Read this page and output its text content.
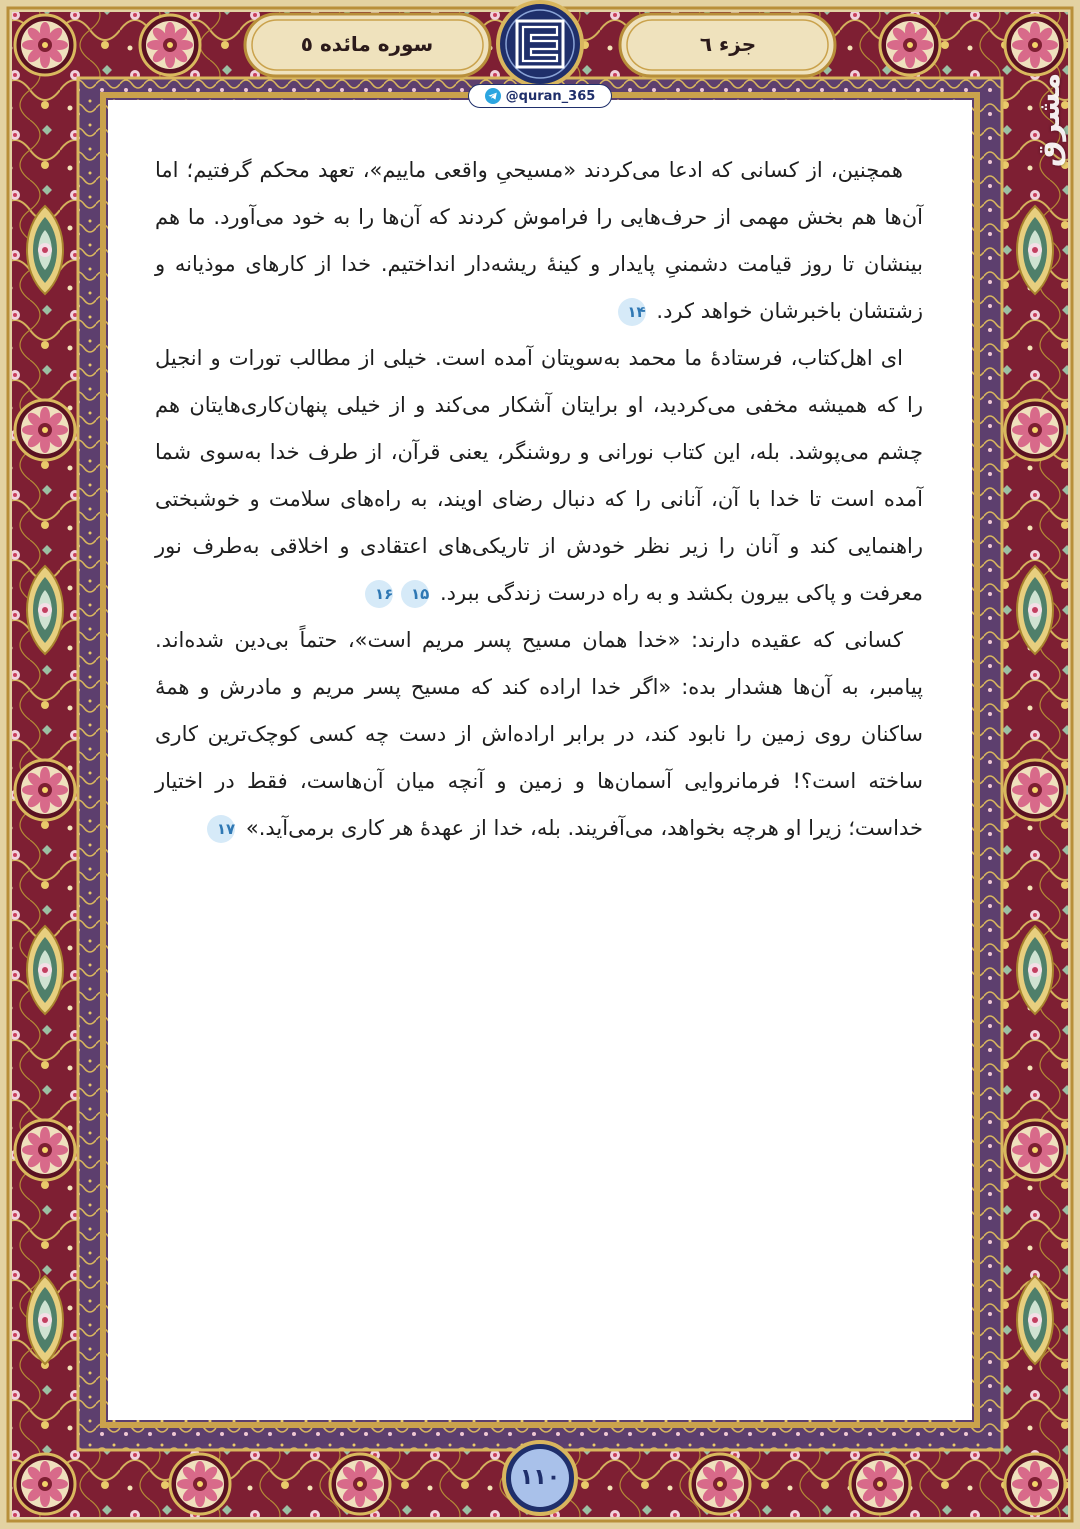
سوره مائده ٥	جزء ٦
@quran_365	مشرق

همچنین، از کسانی که ادعا می‌کردند «مسیحیِ واقعی ماییم»، تعهد محکم گرفتیم؛ اما آن‌ها هم بخش مهمی از حرف‌هایی را فراموش کردند که آن‌ها را به خود می‌آورد. ما هم بینشان تا روز قیامت دشمنیِ پایدار و کینهٔ ریشه‌دار انداختیم. خدا از کارهای موذیانه و زشتشان باخبرشان خواهد کرد. ۱۴

ای اهل‌کتاب، فرستادهٔ ما محمد به‌سویتان آمده است. خیلی از مطالب تورات و انجیل را که همیشه مخفی می‌کردید، او برایتان آشکار می‌کند و از خیلی پنهان‌کاری‌هایتان هم چشم می‌پوشد. بله، این کتاب نورانی و روشنگر، یعنی قرآن، از طرف خدا به‌سوی شما آمده است تا خدا با آن، آنانی را که دنبال رضای اویند، به راه‌های سلامت و خوشبختی راهنمایی کند و آنان را زیر نظر خودش از تاریکی‌های اعتقادی و اخلاقی به‌طرف نور معرفت و پاکی بیرون بکشد و به راه درست زندگی ببرد. ۱۵۱۶

کسانی که عقیده دارند: «خدا همان مسیح پسر مریم است»، حتماً بی‌دین شده‌اند. پیامبر، به آن‌ها هشدار بده: «اگر خدا اراده کند که مسیح پسر مریم و مادرش و همهٔ ساکنان روی زمین را نابود کند، در برابر اراده‌اش از دست چه کسی کوچک‌ترین کاری ساخته است؟! فرمانروایی آسمان‌ها و زمین و آنچه میان آن‌هاست، فقط در اختیار خداست؛ زیرا او هرچه بخواهد، می‌آفریند. بله، خدا از عهدهٔ هر کاری برمی‌آید.» ۱۷

۱۱۰
